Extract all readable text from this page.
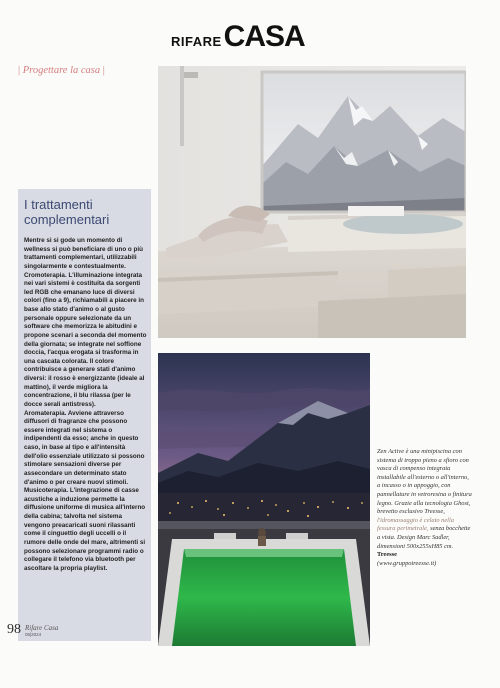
RIFARE CASA
| Progettare la casa |
I trattamenti complementari

Mentre si si gode un momento di wellness si può beneficiare di uno o più trattamenti complementari, utilizzabili singolarmente e contestualmente.

Cromoterapia. L'illuminazione integrata nei vari sistemi è costituita da sorgenti led RGB che emanano luce di diversi colori (fino a 9), richiamabili a piacere in base allo stato d'animo o al gusto personale oppure selezionate da un software che memorizza le abitudini e propone scenari a seconda del momento della giornata; se integrate nel soffione doccia, l'acqua erogata si trasforma in una cascata colorata. Il colore contribuisce a generare stati d'animo diversi: il rosso è energizzante (ideale al mattino), il verde migliora la concentrazione, il blu rilassa (per le docce serali antistress).

Aromaterapia. Avviene attraverso diffusori di fragranze che possono essere integrati nel sistema o indipendenti da esso; anche in questo caso, in base al tipo e all'intensità dell'olio essenziale utilizzato si possono stimolare sensazioni diverse per assecondare un determinato stato d'animo o per creare nuovi stimoli.

Musicoterapia. L'integrazione di casse acustiche a induzione permette la diffusione uniforme di musica all'interno della cabina; talvolta nel sistema vengono preacaricati suoni rilassanti come il cinguettio degli uccelli o il rumore delle onde del mare, altrimenti si possono selezionare programmi radio o collegare il telefono via bluetooth per ascoltare la propria playlist.

Zen Active è una minipiscina con sistema di troppo pieno a sfioro con vasca di compenso integrata installabile all'esterno o all'interno, a incasso o in appoggio, con pannellature in vetroresina o finitura legno. Grazie alla tecnologia Ghost, brevetto esclusivo Treesse, l'idromassaggio è celato nella fessura perimetrale, senza bocchette a vista. Design Marc Sadler, dimensioni 500x255xH85 cm.
Treesse
(www.gruppotreesse.it)
98 Rifare Casa
06|2024
